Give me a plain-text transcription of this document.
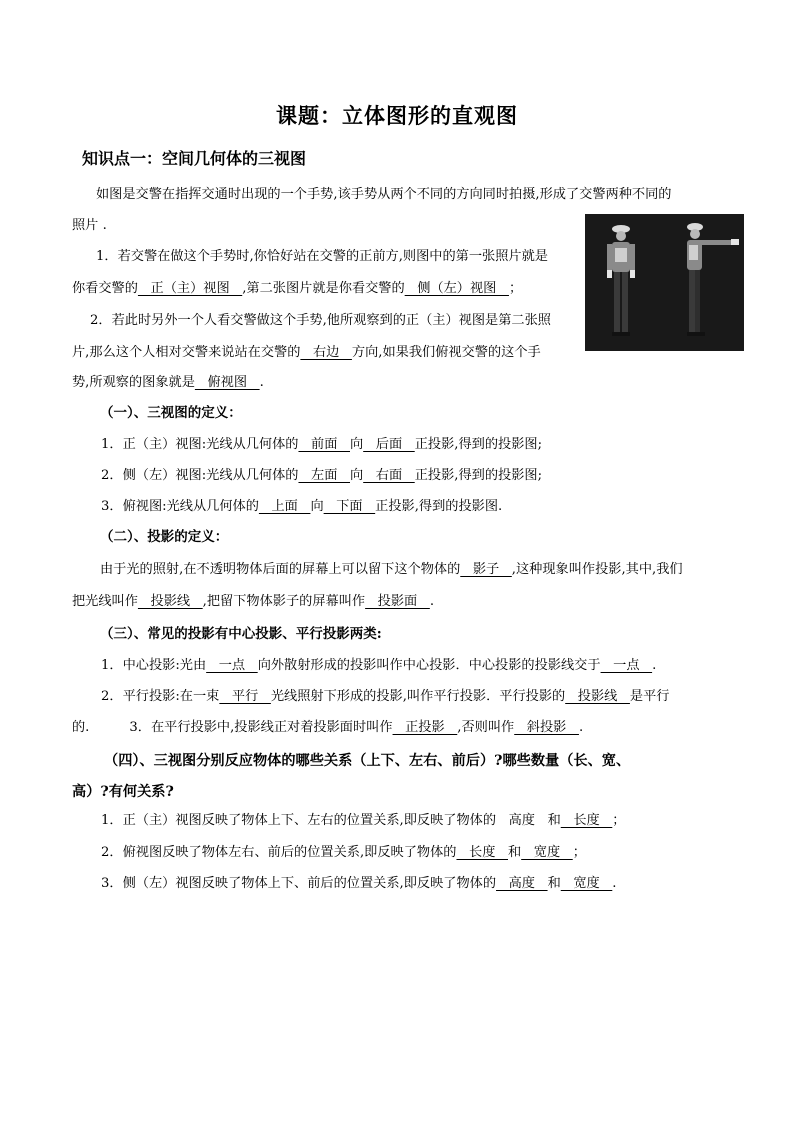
课题：立体图形的直观图
知识点一：空间几何体的三视图
如图是交警在指挥交通时出现的一个手势,该手势从两个不同的方向同时拍摄,形成了交警两种不同的
照片 .
1．若交警在做这个手势时,你恰好站在交警的正前方,则图中的第一张照片就是
你看交警的   正（主）视图   ,第二张图片就是你看交警的   侧（左）视图   ；
2．若此时另外一个人看交警做这个手势,他所观察到的正（主）视图是第二张照
片,那么这个人相对交警来说站在交警的   右边   方向,如果我们俯视交警的这个手
势,所观察的图象就是   俯视图   .
（一）、三视图的定义：
1．正（主）视图:光线从几何体的   前面   向   后面   正投影,得到的投影图;
2．侧（左）视图:光线从几何体的   左面   向   右面   正投影,得到的投影图;
3．俯视图:光线从几何体的   上面   向   下面   正投影,得到的投影图.
（二）、投影的定义：
由于光的照射,在不透明物体后面的屏幕上可以留下这个物体的   影子   ,这种现象叫作投影,其中,我们
把光线叫作   投影线   ,把留下物体影子的屏幕叫作   投影面   .
（三）、常见的投影有中心投影、平行投影两类:
1．中心投影:光由   一点   向外散射形成的投影叫作中心投影．中心投影的投影线交于   一点   .
2．平行投影:在一束   平行   光线照射下形成的投影,叫作平行投影．平行投影的   投影线   是平行
的.	3．在平行投影中,投影线正对着投影面时叫作   正投影   ,否则叫作   斜投影   .
（四）、三视图分别反应物体的哪些关系（上下、左右、前后）?哪些数量（长、宽、
高）?有何关系?
1．正（主）视图反映了物体上下、左右的位置关系,即反映了物体的   高度   和   长度   ；
2．俯视图反映了物体左右、前后的位置关系,即反映了物体的   长度   和   宽度   ；
3．侧（左）视图反映了物体上下、前后的位置关系,即反映了物体的   高度   和   宽度   .
